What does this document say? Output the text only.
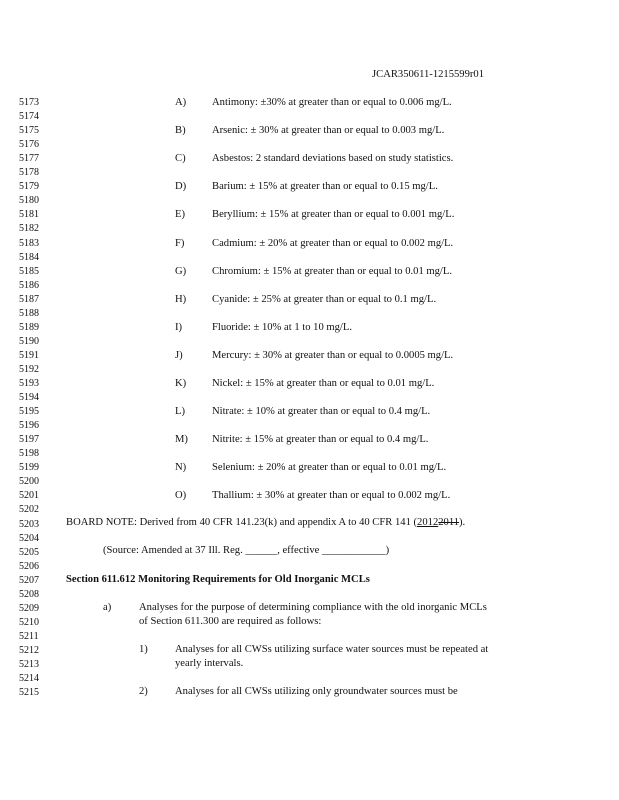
JCAR350611-1215599r01
5173
5174
5175
5176
5177
5178
5179
5180
5181
5182
5183
5184
5185
5186
5187
5188
5189
5190
5191
5192
5193
5194
5195
5196
5197
5198
5199
5200
5201
5202
5203
5204
5205
5206
5207
5208
5209
5210
5211
5212
5213
5214
5215
A) Antimony: ±30% at greater than or equal to 0.006 mg/L.
B) Arsenic: ± 30% at greater than or equal to 0.003 mg/L.
C) Asbestos: 2 standard deviations based on study statistics.
D) Barium: ± 15% at greater than or equal to 0.15 mg/L.
E)	Beryllium: ± 15% at greater than or equal to 0.001 mg/L.
F)	Cadmium: ± 20% at greater than or equal to 0.002 mg/L.
G) Chromium: ± 15% at greater than or equal to 0.01 mg/L.
H) Cyanide: ± 25% at greater than or equal to 0.1 mg/L.
I)	Fluoride: ± 10% at 1 to 10 mg/L.
J)	Mercury: ± 30% at greater than or equal to 0.0005 mg/L.
K) Nickel: ± 15% at greater than or equal to 0.01 mg/L.
L)	Nitrate: ± 10% at greater than or equal to 0.4 mg/L.
M) Nitrite: ± 15% at greater than or equal to 0.4 mg/L.
N) Selenium: ± 20% at greater than or equal to 0.01 mg/L.
O) Thallium: ± 30% at greater than or equal to 0.002 mg/L.
BOARD NOTE: Derived from 40 CFR 141.23(k) and appendix A to 40 CFR 141 (20122011).
(Source: Amended at 37 Ill. Reg. ______, effective ____________)
Section 611.612 Monitoring Requirements for Old Inorganic MCLs
a)	Analyses for the purpose of determining compliance with the old inorganic MCLs
of Section 611.300 are required as follows:
1)	Analyses for all CWSs utilizing surface water sources must be repeated at
yearly intervals.
2)	Analyses for all CWSs utilizing only groundwater sources must be
